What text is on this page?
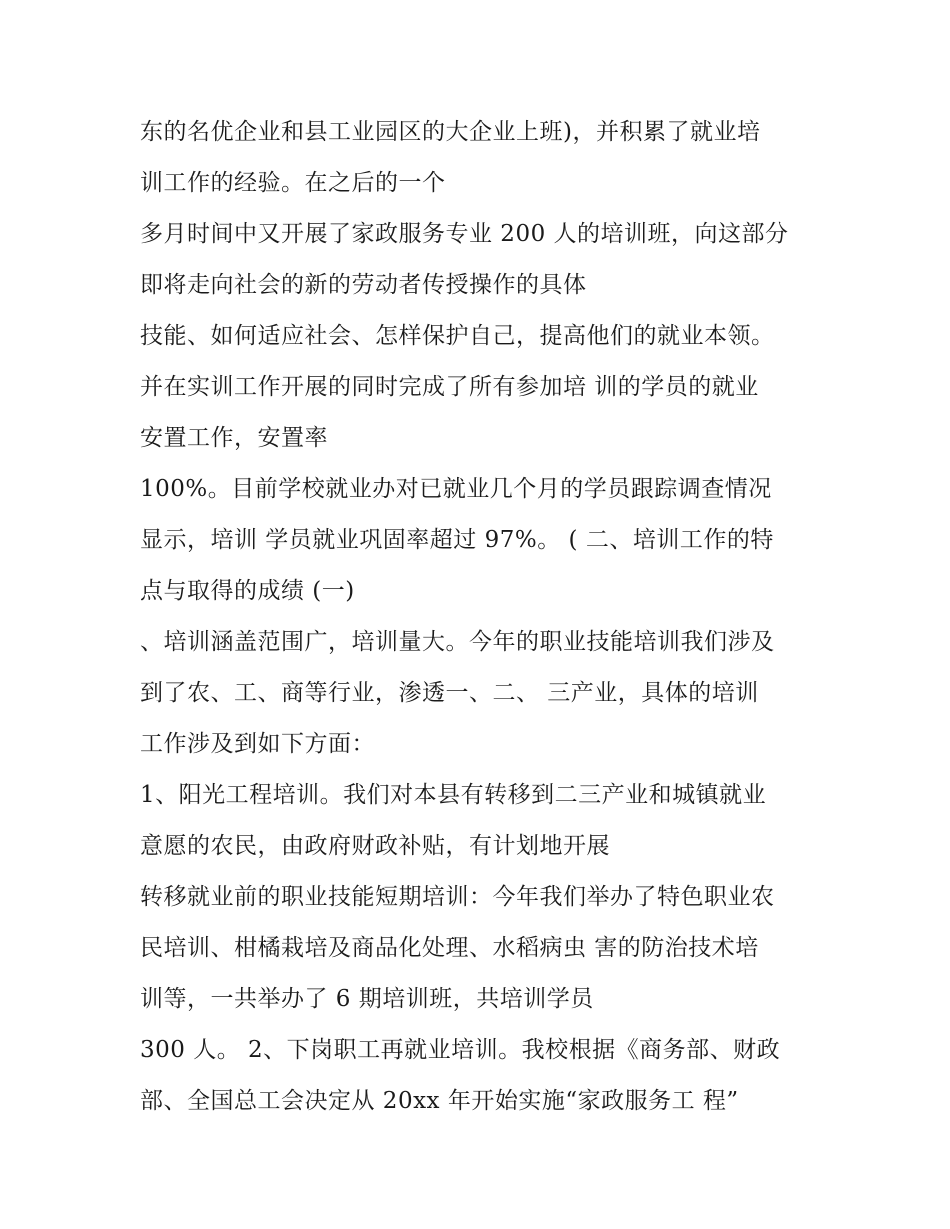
东的名优企业和县工业园区的大企业上班)，并积累了就业培
训工作的经验。在之后的一个
多月时间中又开展了家政服务专业 200 人的培训班，向这部分
即将走向社会的新的劳动者传授操作的具体
技能、如何适应社会、怎样保护自己，提高他们的就业本领。
并在实训工作开展的同时完成了所有参加培 训的学员的就业
安置工作，安置率
100%。目前学校就业办对已就业几个月的学员跟踪调查情况
显示，培训 学员就业巩固率超过 97%。 ( 二、培训工作的特
点与取得的成绩 (一)
、培训涵盖范围广，培训量大。今年的职业技能培训我们涉及
到了农、工、商等行业，渗透一、二、 三产业，具体的培训
工作涉及到如下方面：
1、阳光工程培训。我们对本县有转移到二三产业和城镇就业
意愿的农民，由政府财政补贴，有计划地开展
转移就业前的职业技能短期培训：今年我们举办了特色职业农
民培训、柑橘栽培及商品化处理、水稻病虫 害的防治技术培
训等，一共举办了 6 期培训班，共培训学员
300 人。 2、下岗职工再就业培训。我校根据《商务部、财政
部、全国总工会决定从 20xx 年开始实施“家政服务工 程”
